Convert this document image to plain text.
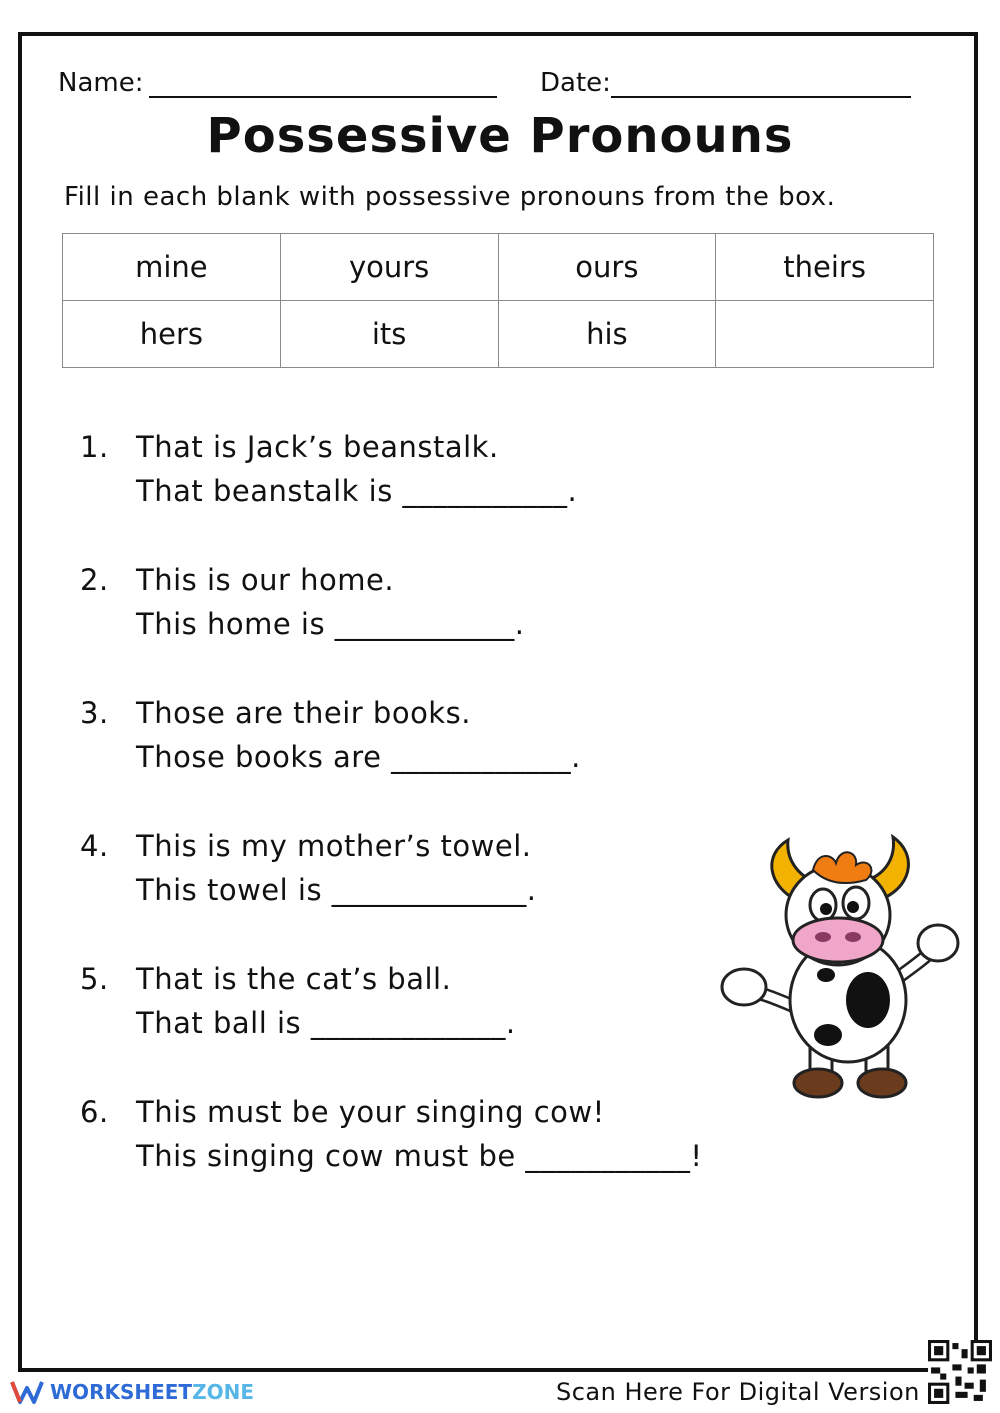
Name:	Date:
Possessive Pronouns
Fill in each blank with possessive pronouns from the box.
mine	yours	ours	theirs
hers	its	his	
1. That is Jack’s beanstalk.
That beanstalk is ___________.
2. This is our home.
This home is ____________.
3. Those are their books.
Those books are ____________.
4. This is my mother’s towel.
This towel is _____________.
5. That is the cat’s ball.
That ball is _____________.
6. This must be your singing cow!
This singing cow must be ___________!
WORKSHEET ZONE	Scan Here For Digital Version
